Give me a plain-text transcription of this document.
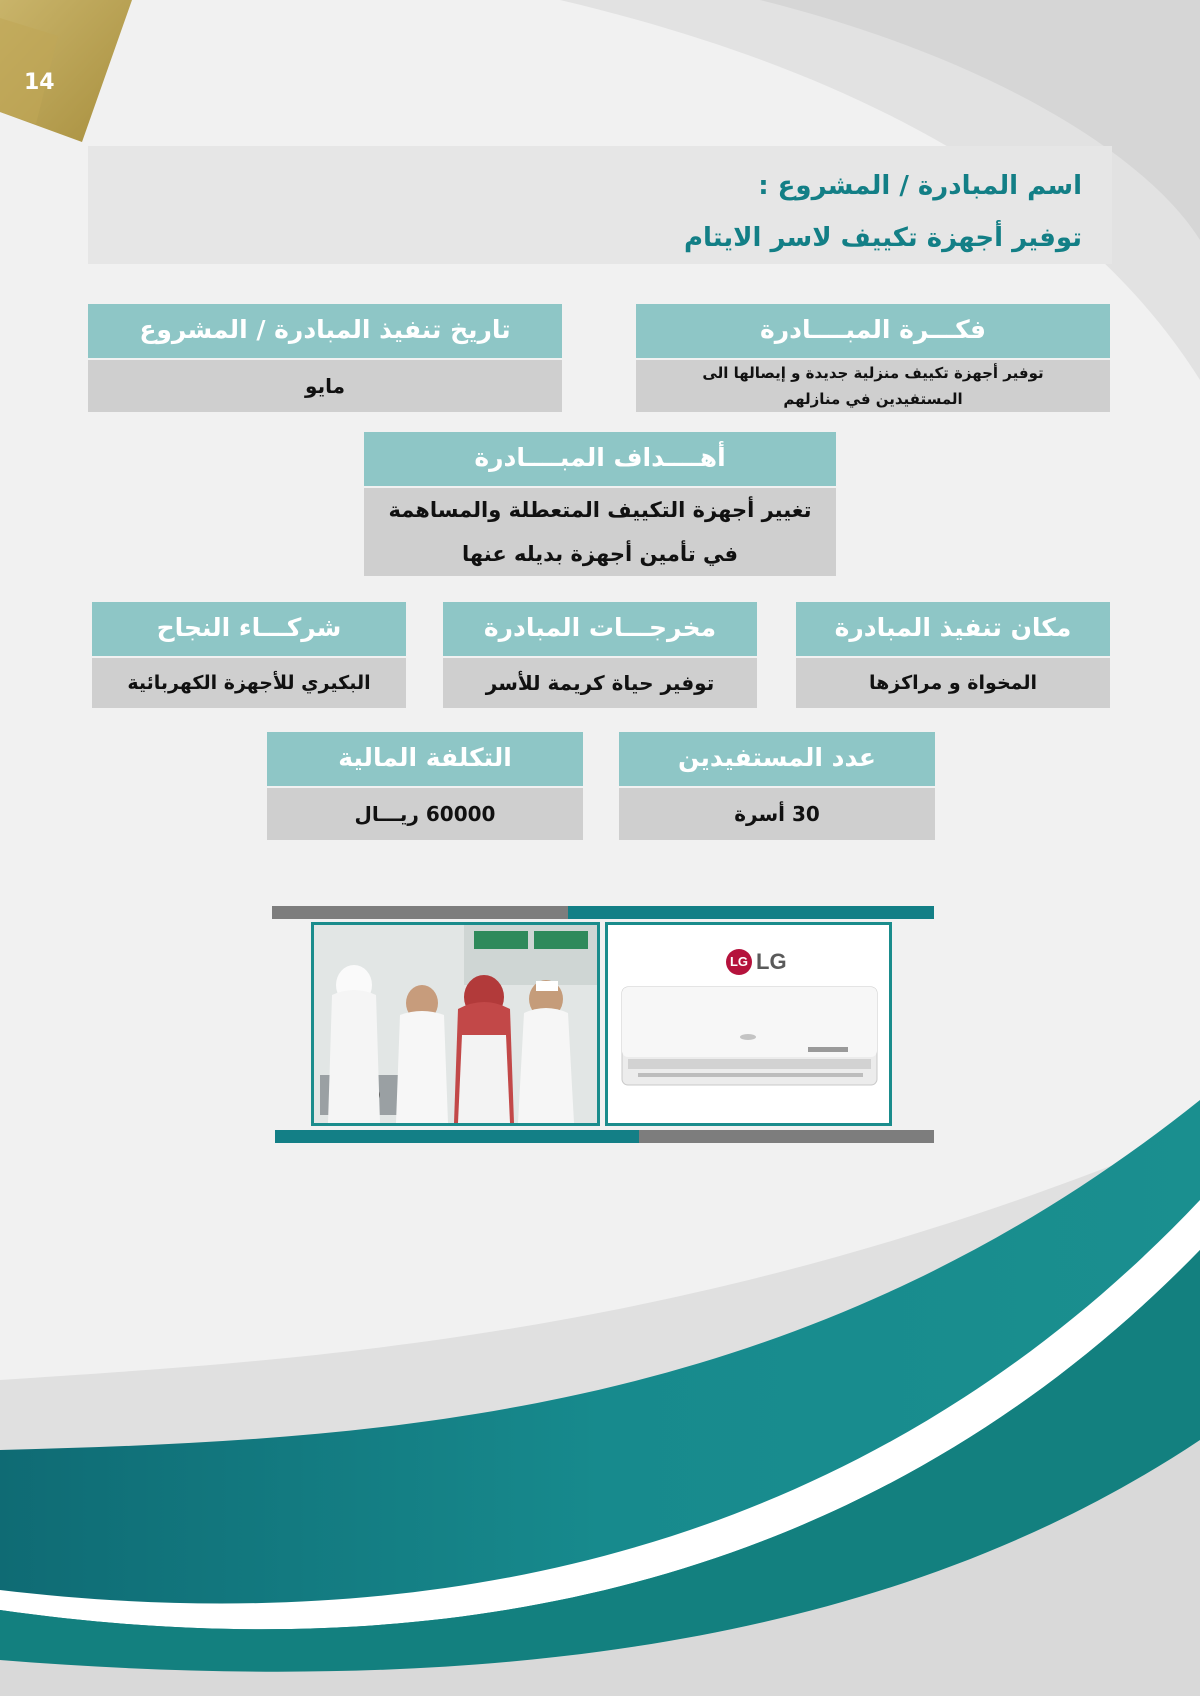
14
اسم المبادرة / المشروع :
توفير أجهزة تكييف لاسر الايتام
فكـــرة المبــــادرة
توفير أجهزة تكييف منزلية جديدة و إيصالها الى
المستفيدين في منازلهم
تاريخ تنفيذ المبادرة / المشروع
مايو
أهــــداف المبــــادرة
تغيير أجهزة التكييف المتعطلة والمساهمة
في تأمين أجهزة بديله عنها
مكان تنفيذ المبادرة
المخواة و مراكزها
مخرجـــات المبادرة
توفير حياة كريمة للأسر
شركـــاء النجاح
البكيري للأجهزة الكهربائية
عدد المستفيدين
30 أسرة
التكلفة المالية
60000 ريـــال
LG LG
